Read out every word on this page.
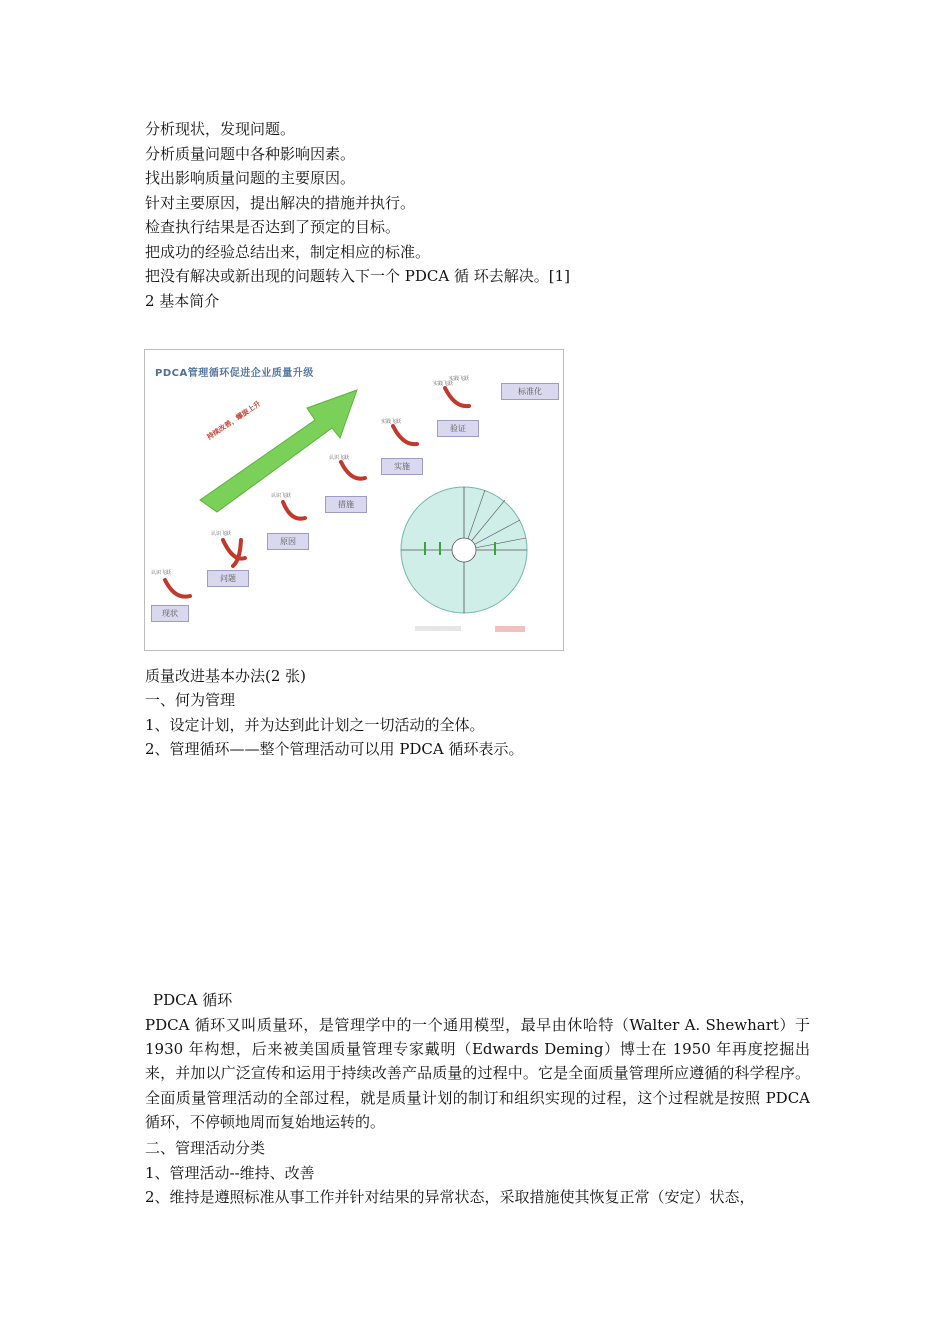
分析现状，发现问题。
分析质量问题中各种影响因素。
找出影响质量问题的主要原因。
针对主要原因，提出解决的措施并执行。
检查执行结果是否达到了预定的目标。
把成功的经验总结出来，制定相应的标准。
把没有解决或新出现的问题转入下一个 PDCA 循 环去解决。[1]
2 基本简介
PDCA管理循环促进企业质量升级
现状
问题
原因
措施
实施
验证
标准化
认识飞跃
认识飞跃
认识飞跃
认识飞跃
实践飞跃
实践飞跃
实践飞跃
持续改善，螺旋上升
质量改进基本办法(2 张)
一、何为管理
1、设定计划，并为达到此计划之一切活动的全体。
2、管理循环——整个管理活动可以用 PDCA 循环表示。
PDCA 循环
PDCA 循环又叫质量环，是管理学中的一个通用模型，最早由休哈特（Walter A. Shewhart）于 1930 年构想，后来被美国质量管理专家戴明（Edwards Deming）博士在 1950 年再度挖掘出来，并加以广泛宣传和运用于持续改善产品质量的过程中。它是全面质量管理所应遵循的科学程序。全面质量管理活动的全部过程，就是质量计划的制订和组织实现的过程，这个过程就是按照 PDCA 循环，不停顿地周而复始地运转的。
二、管理活动分类
1、管理活动--维持、改善
2、维持是遵照标准从事工作并针对结果的异常状态，采取措施使其恢复正常（安定）状态，
